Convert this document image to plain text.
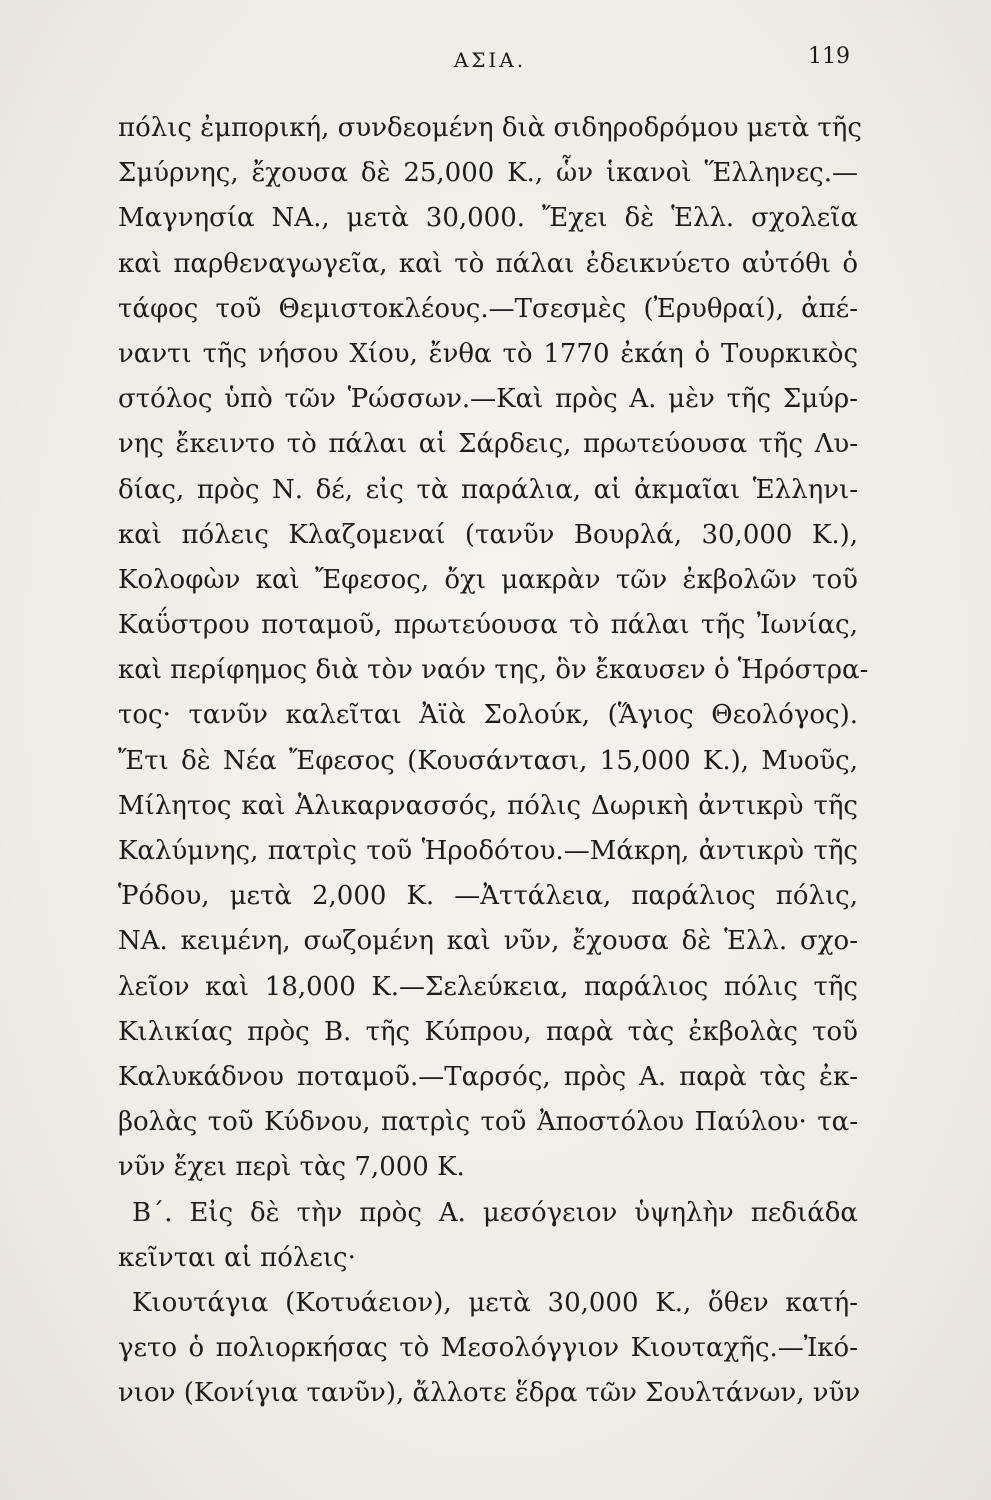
ΑΣΙΑ.	119
πόλις ἐμπορική, συνδεομένη διὰ σιδηροδρόμου μετὰ τῆς
Σμύρνης, ἔχουσα δὲ 25,000 Κ., ὧν ἱκανοὶ Ἕλληνες.—
Μαγνησία ΝΑ., μετὰ 30,000. Ἔχει δὲ Ἑλλ. σχολεῖα
καὶ παρθεναγωγεῖα, καὶ τὸ πάλαι ἐδεικνύετο αὐτόθι ὁ
τάφος τοῦ Θεμιστοκλέους.—Τσεσμὲς (Ἐρυθραί), ἀπέ-
ναντι τῆς νήσου Χίου, ἔνθα τὸ 1770 ἐκάη ὁ Τουρκικὸς
στόλος ὑπὸ τῶν Ῥώσσων.—Καὶ πρὸς Α. μὲν τῆς Σμύρ-
νης ἔκειντο τὸ πάλαι αἱ Σάρδεις, πρωτεύουσα τῆς Λυ-
δίας, πρὸς Ν. δέ, εἰς τὰ παράλια, αἱ ἀκμαῖαι Ἑλληνι-
καὶ πόλεις Κλαζομεναί (τανῦν Βουρλά, 30,000 Κ.),
Κολοφὼν καὶ Ἔφεσος, ὄχι μακρὰν τῶν ἐκβολῶν τοῦ
Καΰστρου ποταμοῦ, πρωτεύουσα τὸ πάλαι τῆς Ἰωνίας,
καὶ περίφημος διὰ τὸν ναόν της, ὃν ἔκαυσεν ὁ Ἡρόστρα-
τος· τανῦν καλεῖται Ἀϊὰ Σολούκ, (Ἅγιος Θεολόγος).
Ἔτι δὲ Νέα Ἔφεσος (Κουσάντασι, 15,000 Κ.), Μυοῦς,
Μίλητος καὶ Ἁλικαρνασσός, πόλις Δωρικὴ ἀντικρὺ τῆς
Καλύμνης, πατρὶς τοῦ Ἡροδότου.—Μάκρη, ἀντικρὺ τῆς
Ῥόδου, μετὰ 2,000 Κ. —Ἀττάλεια, παράλιος πόλις,
ΝΑ. κειμένη, σωζομένη καὶ νῦν, ἔχουσα δὲ Ἑλλ. σχο-
λεῖον καὶ 18,000 Κ.—Σελεύκεια, παράλιος πόλις τῆς
Κιλικίας πρὸς Β. τῆς Κύπρου, παρὰ τὰς ἐκβολὰς τοῦ
Καλυκάδνου ποταμοῦ.—Ταρσός, πρὸς Α. παρὰ τὰς ἐκ-
βολὰς τοῦ Κύδνου, πατρὶς τοῦ Ἀποστόλου Παύλου· τα-
νῦν ἔχει περὶ τὰς 7,000 Κ.
Β΄. Εἰς δὲ τὴν πρὸς Α. μεσόγειον ὑψηλὴν πεδιάδα
κεῖνται αἱ πόλεις·
Κιουτάγια (Κοτυάειον), μετὰ 30,000 Κ., ὅθεν κατή-
γετο ὁ πολιορκήσας τὸ Μεσολόγγιον Κιουταχῆς.—Ἰκό-
νιον (Κονίγια τανῦν), ἄλλοτε ἕδρα τῶν Σουλτάνων, νῦν
